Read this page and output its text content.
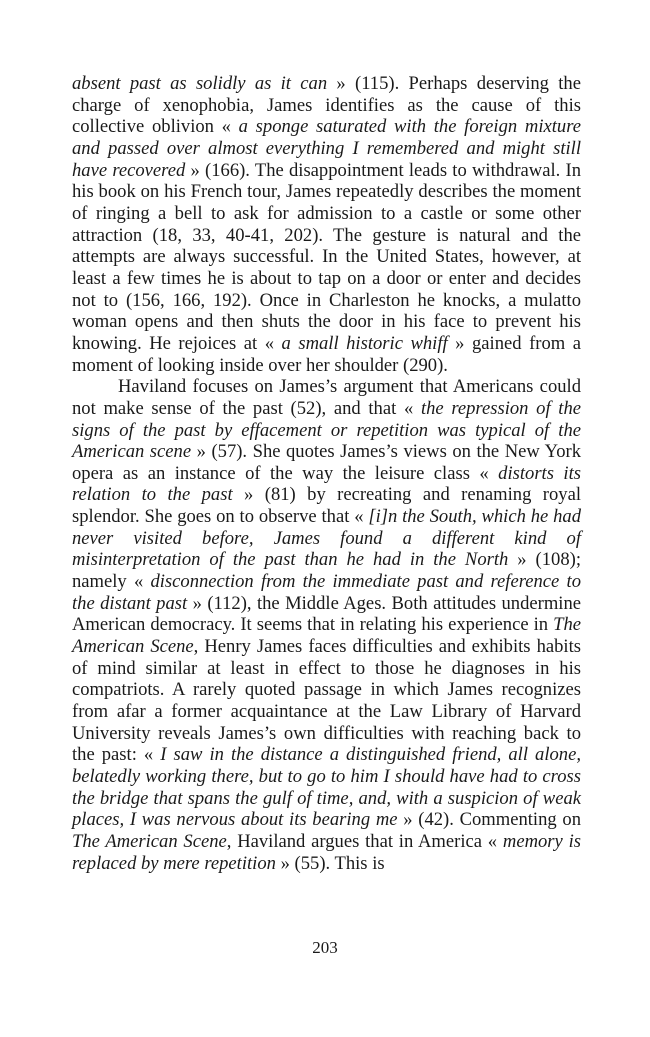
absent past as solidly as it can » (115). Perhaps deserving the charge of xenophobia, James identifies as the cause of this collective oblivion « a sponge saturated with the foreign mixture and passed over almost everything I remembered and might still have recovered » (166). The disappointment leads to withdrawal. In his book on his French tour, James repeatedly describes the moment of ringing a bell to ask for admission to a castle or some other attraction (18, 33, 40-41, 202). The gesture is natural and the attempts are always successful. In the United States, however, at least a few times he is about to tap on a door or enter and decides not to (156, 166, 192). Once in Charleston he knocks, a mulatto woman opens and then shuts the door in his face to prevent his knowing. He rejoices at « a small historic whiff » gained from a moment of looking inside over her shoulder (290).

Haviland focuses on James’s argument that Americans could not make sense of the past (52), and that « the repression of the signs of the past by effacement or repetition was typical of the American scene » (57). She quotes James’s views on the New York opera as an instance of the way the leisure class « distorts its relation to the past » (81) by recreating and renaming royal splendor. She goes on to observe that « [i]n the South, which he had never visited before, James found a different kind of misinterpretation of the past than he had in the North » (108); namely « disconnection from the immediate past and reference to the distant past » (112), the Middle Ages. Both attitudes undermine American democracy. It seems that in relating his experience in The American Scene, Henry James faces difficulties and exhibits habits of mind similar at least in effect to those he diagnoses in his compatriots. A rarely quoted passage in which James recognizes from afar a former acquaintance at the Law Library of Harvard University reveals James’s own difficulties with reaching back to the past: « I saw in the distance a distinguished friend, all alone, belatedly working there, but to go to him I should have had to cross the bridge that spans the gulf of time, and, with a suspicion of weak places, I was nervous about its bearing me » (42). Commenting on The American Scene, Haviland argues that in America « memory is replaced by mere repetition » (55). This is

203
